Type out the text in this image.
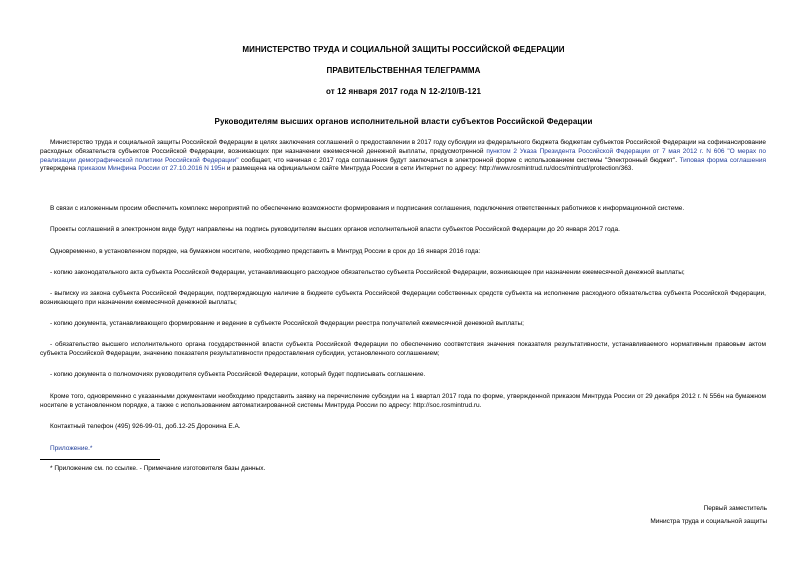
МИНИСТЕРСТВО ТРУДА И СОЦИАЛЬНОЙ ЗАЩИТЫ РОССИЙСКОЙ ФЕДЕРАЦИИ
ПРАВИТЕЛЬСТВЕННАЯ ТЕЛЕГРАММА
от 12 января 2017 года N 12-2/10/В-121
Руководителям высших органов исполнительной власти субъектов Российской Федерации
Министерство труда и социальной защиты Российской Федерации в целях заключения соглашений о предоставлении в 2017 году субсидии из федерального бюджета бюджетам субъектов Российской Федерации на софинансирование расходных обязательств субъектов Российской Федерации, возникающих при назначении ежемесячной денежной выплаты, предусмотренной пунктом 2 Указа Президента Российской Федерации от 7 мая 2012 г. N 606 "О мерах по реализации демографической политики Российской Федерации" сообщает, что начиная с 2017 года соглашения будут заключаться в электронной форме с использованием системы "Электронный бюджет". Типовая форма соглашения утверждена приказом Минфина России от 27.10.2016 N 195н и размещена на официальном сайте Минтруда России в сети Интернет по адресу: http://www.rosmintrud.ru/docs/mintrud/protection/363.
В связи с изложенным просим обеспечить комплекс мероприятий по обеспечению возможности формирования и подписания соглашения, подключения ответственных работников к информационной системе.
Проекты соглашений в электронном виде будут направлены на подпись руководителям высших органов исполнительной власти субъектов Российской Федерации до 20 января 2017 года.
Одновременно, в установленном порядке, на бумажном носителе, необходимо представить в Минтруд России в срок до 16 января 2016 года:
- копию законодательного акта субъекта Российской Федерации, устанавливающего расходное обязательство субъекта Российской Федерации, возникающее при назначении ежемесячной денежной выплаты;
- выписку из закона субъекта Российской Федерации, подтверждающую наличие в бюджете субъекта Российской Федерации собственных средств субъекта на исполнение расходного обязательства субъекта Российской Федерации, возникающего при назначении ежемесячной денежной выплаты;
- копию документа, устанавливающего формирование и ведение в субъекте Российской Федерации реестра получателей ежемесячной денежной выплаты;
- обязательство высшего исполнительного органа государственной власти субъекта Российской Федерации по обеспечению соответствия значения показателя результативности, устанавливаемого нормативным правовым актом субъекта Российской Федерации, значению показателя результативности предоставления субсидии, установленного соглашением;
- копию документа о полномочиях руководителя субъекта Российской Федерации, который будет подписывать соглашение.
Кроме того, одновременно с указанными документами необходимо представить заявку на перечисление субсидии на 1 квартал 2017 года по форме, утвержденной приказом Минтруда России от 29 декабря 2012 г. N 556н на бумажном носителе в установленном порядке, а также с использованием автоматизированной системы Минтруда России по адресу: http://soc.rosmintrud.ru.
Контактный телефон (495) 926-99-01, доб.12-25 Доронина Е.А.
Приложение.*
* Приложение см. по ссылке. - Примечание изготовителя базы данных.
Первый заместитель
Министра труда и социальной защиты
